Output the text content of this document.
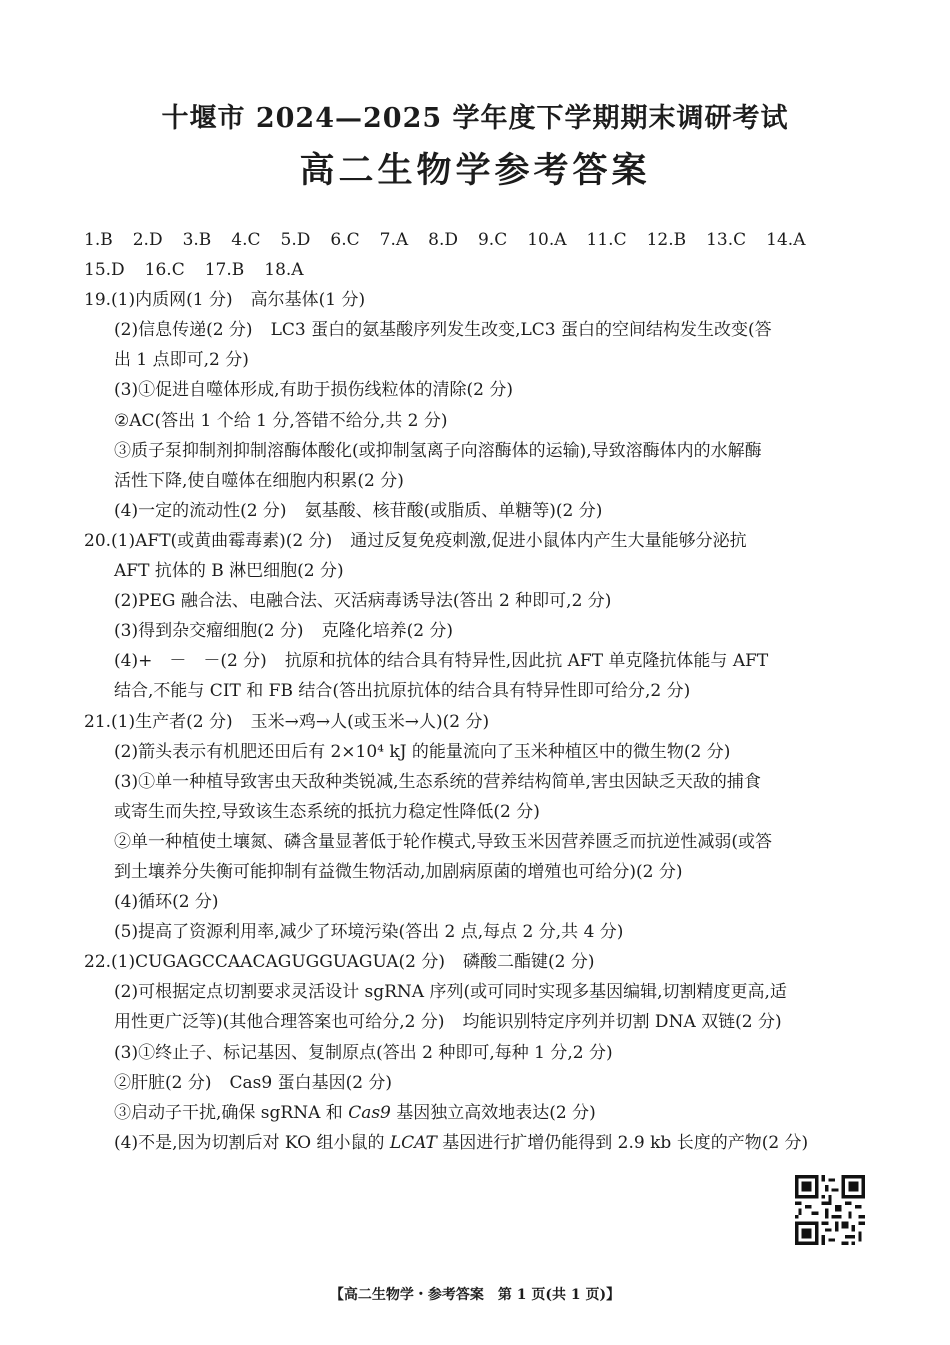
十堰市 2024—2025 学年度下学期期末调研考试
高二生物学参考答案
1.B 2.D 3.B 4.C 5.D 6.C 7.A 8.D 9.C 10.A 11.C 12.B 13.C 14.A
15.D 16.C 17.B 18.A
19.(1)内质网(1 分) 高尔基体(1 分)
(2)信息传递(2 分) LC3 蛋白的氨基酸序列发生改变,LC3 蛋白的空间结构发生改变(答
出 1 点即可,2 分)
(3)①促进自噬体形成,有助于损伤线粒体的清除(2 分)
②AC(答出 1 个给 1 分,答错不给分,共 2 分)
③质子泵抑制剂抑制溶酶体酸化(或抑制氢离子向溶酶体的运输),导致溶酶体内的水解酶
活性下降,使自噬体在细胞内积累(2 分)
(4)一定的流动性(2 分) 氨基酸、核苷酸(或脂质、单糖等)(2 分)
20.(1)AFT(或黄曲霉毒素)(2 分) 通过反复免疫刺激,促进小鼠体内产生大量能够分泌抗
AFT 抗体的 B 淋巴细胞(2 分)
(2)PEG 融合法、电融合法、灭活病毒诱导法(答出 2 种即可,2 分)
(3)得到杂交瘤细胞(2 分) 克隆化培养(2 分)
(4)+　－　－(2 分) 抗原和抗体的结合具有特异性,因此抗 AFT 单克隆抗体能与 AFT
结合,不能与 CIT 和 FB 结合(答出抗原抗体的结合具有特异性即可给分,2 分)
21.(1)生产者(2 分) 玉米→鸡→人(或玉米→人)(2 分)
(2)箭头表示有机肥还田后有 2×10⁴ kJ 的能量流向了玉米种植区中的微生物(2 分)
(3)①单一种植导致害虫天敌种类锐减,生态系统的营养结构简单,害虫因缺乏天敌的捕食
或寄生而失控,导致该生态系统的抵抗力稳定性降低(2 分)
②单一种植使土壤氮、磷含量显著低于轮作模式,导致玉米因营养匮乏而抗逆性减弱(或答
到土壤养分失衡可能抑制有益微生物活动,加剧病原菌的增殖也可给分)(2 分)
(4)循环(2 分)
(5)提高了资源利用率,减少了环境污染(答出 2 点,每点 2 分,共 4 分)
22.(1)CUGAGCCAACAGUGGUAGUA(2 分) 磷酸二酯键(2 分)
(2)可根据定点切割要求灵活设计 sgRNA 序列(或可同时实现多基因编辑,切割精度更高,适
用性更广泛等)(其他合理答案也可给分,2 分) 均能识别特定序列并切割 DNA 双链(2 分)
(3)①终止子、标记基因、复制原点(答出 2 种即可,每种 1 分,2 分)
②肝脏(2 分) Cas9 蛋白基因(2 分)
③启动子干扰,确保 sgRNA 和 Cas9 基因独立高效地表达(2 分)
(4)不是,因为切割后对 KO 组小鼠的 LCAT 基因进行扩增仍能得到 2.9 kb 长度的产物(2 分)
【高二生物学・参考答案　第 1 页(共 1 页)】
